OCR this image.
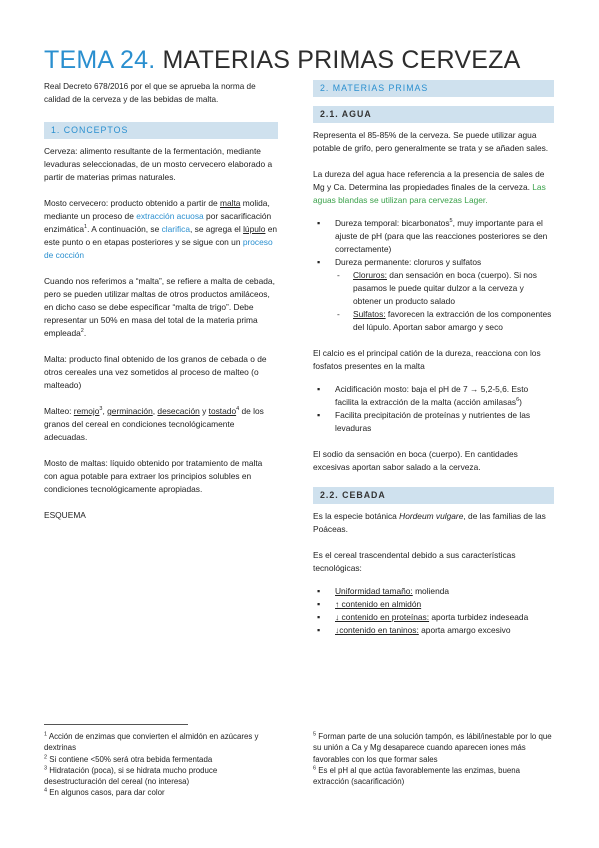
TEMA 24. MATERIAS PRIMAS CERVEZA

Real Decreto 678/2016 por el que se aprueba la norma de calidad de la cerveza y de las bebidas de malta.

1. CONCEPTOS

Cerveza: alimento resultante de la fermentación, mediante levaduras seleccionadas, de un mosto cervecero elaborado a partir de materias primas naturales.

Mosto cervecero: producto obtenido a partir de malta molida, mediante un proceso de extracción acuosa por sacarificación enzimática$^1$. A continuación, se clarifica, se agrega el lúpulo en este punto o en etapas posteriores y se sigue con un proceso de cocción

Cuando nos referimos a “malta”, se refiere a malta de cebada, pero se pueden utilizar maltas de otros productos amiláceos, en dicho caso se debe especificar “malta de trigo”. Debe representar un 50% en masa del total de la materia prima empleada$^2$.

Malta: producto final obtenido de los granos de cebada o de otros cereales una vez sometidos al proceso de malteo (o malteado)

Malteo: remojo$^3$, germinación, desecación y tostado$^4$ de los granos del cereal en condiciones tecnológicamente adecuadas.

Mosto de maltas: líquido obtenido por tratamiento de malta con agua potable para extraer los principios solubles en condiciones tecnológicamente apropiadas.

ESQUEMA

2. MATERIAS PRIMAS
2.1. AGUA

Representa el 85-85% de la cerveza. Se puede utilizar agua potable de grifo, pero generalmente se trata y se añaden sales.

La dureza del agua hace referencia a la presencia de sales de Mg y Ca. Determina las propiedades finales de la cerveza. Las aguas blandas se utilizan para cervezas Lager.

▪ Dureza temporal: bicarbonatos$^5$, muy importante para el ajuste de pH (para que las reacciones posteriores se den correctamente)
▪ Dureza permanente: cloruros y sulfatos
- Cloruros: dan sensación en boca (cuerpo). Si nos pasamos le puede quitar dulzor a la cerveza y obtener un producto salado
- Sulfatos: favorecen la extracción de los componentes del lúpulo. Aportan sabor amargo y seco

El calcio es el principal catión de la dureza, reacciona con los fosfatos presentes en la malta

▪ Acidificación mosto: baja el pH de 7 → 5,2-5,6. Esto facilita la extracción de la malta (acción amilasas$^6$)
▪ Facilita precipitación de proteínas y nutrientes de las levaduras

El sodio da sensación en boca (cuerpo). En cantidades excesivas aportan sabor salado a la cerveza.

2.2. CEBADA

Es la especie botánica Hordeum vulgare, de las familias de las Poáceas.

Es el cereal trascendental debido a sus características tecnológicas:

▪ Uniformidad tamaño: molienda
▪ ↑ contenido en almidón
▪ ↓ contenido en proteínas: aporta turbidez indeseada
▪ ↓contenido en taninos: aporta amargo excesivo

$^1$ Acción de enzimas que convierten el almidón en azúcares y dextrinas

$^2$ Si contiene <50% será otra bebida fermentada

$^3$ Hidratación (poca), si se hidrata mucho produce desestructuración del cereal (no interesa)

$^4$ En algunos casos, para dar color

$^5$ Forman parte de una solución tampón, es lábil/inestable por lo que su unión a Ca y Mg desaparece cuando aparecen iones más favorables con los que formar sales

$^6$ Es el pH al que actúa favorablemente las enzimas, buena extracción (sacarificación)
